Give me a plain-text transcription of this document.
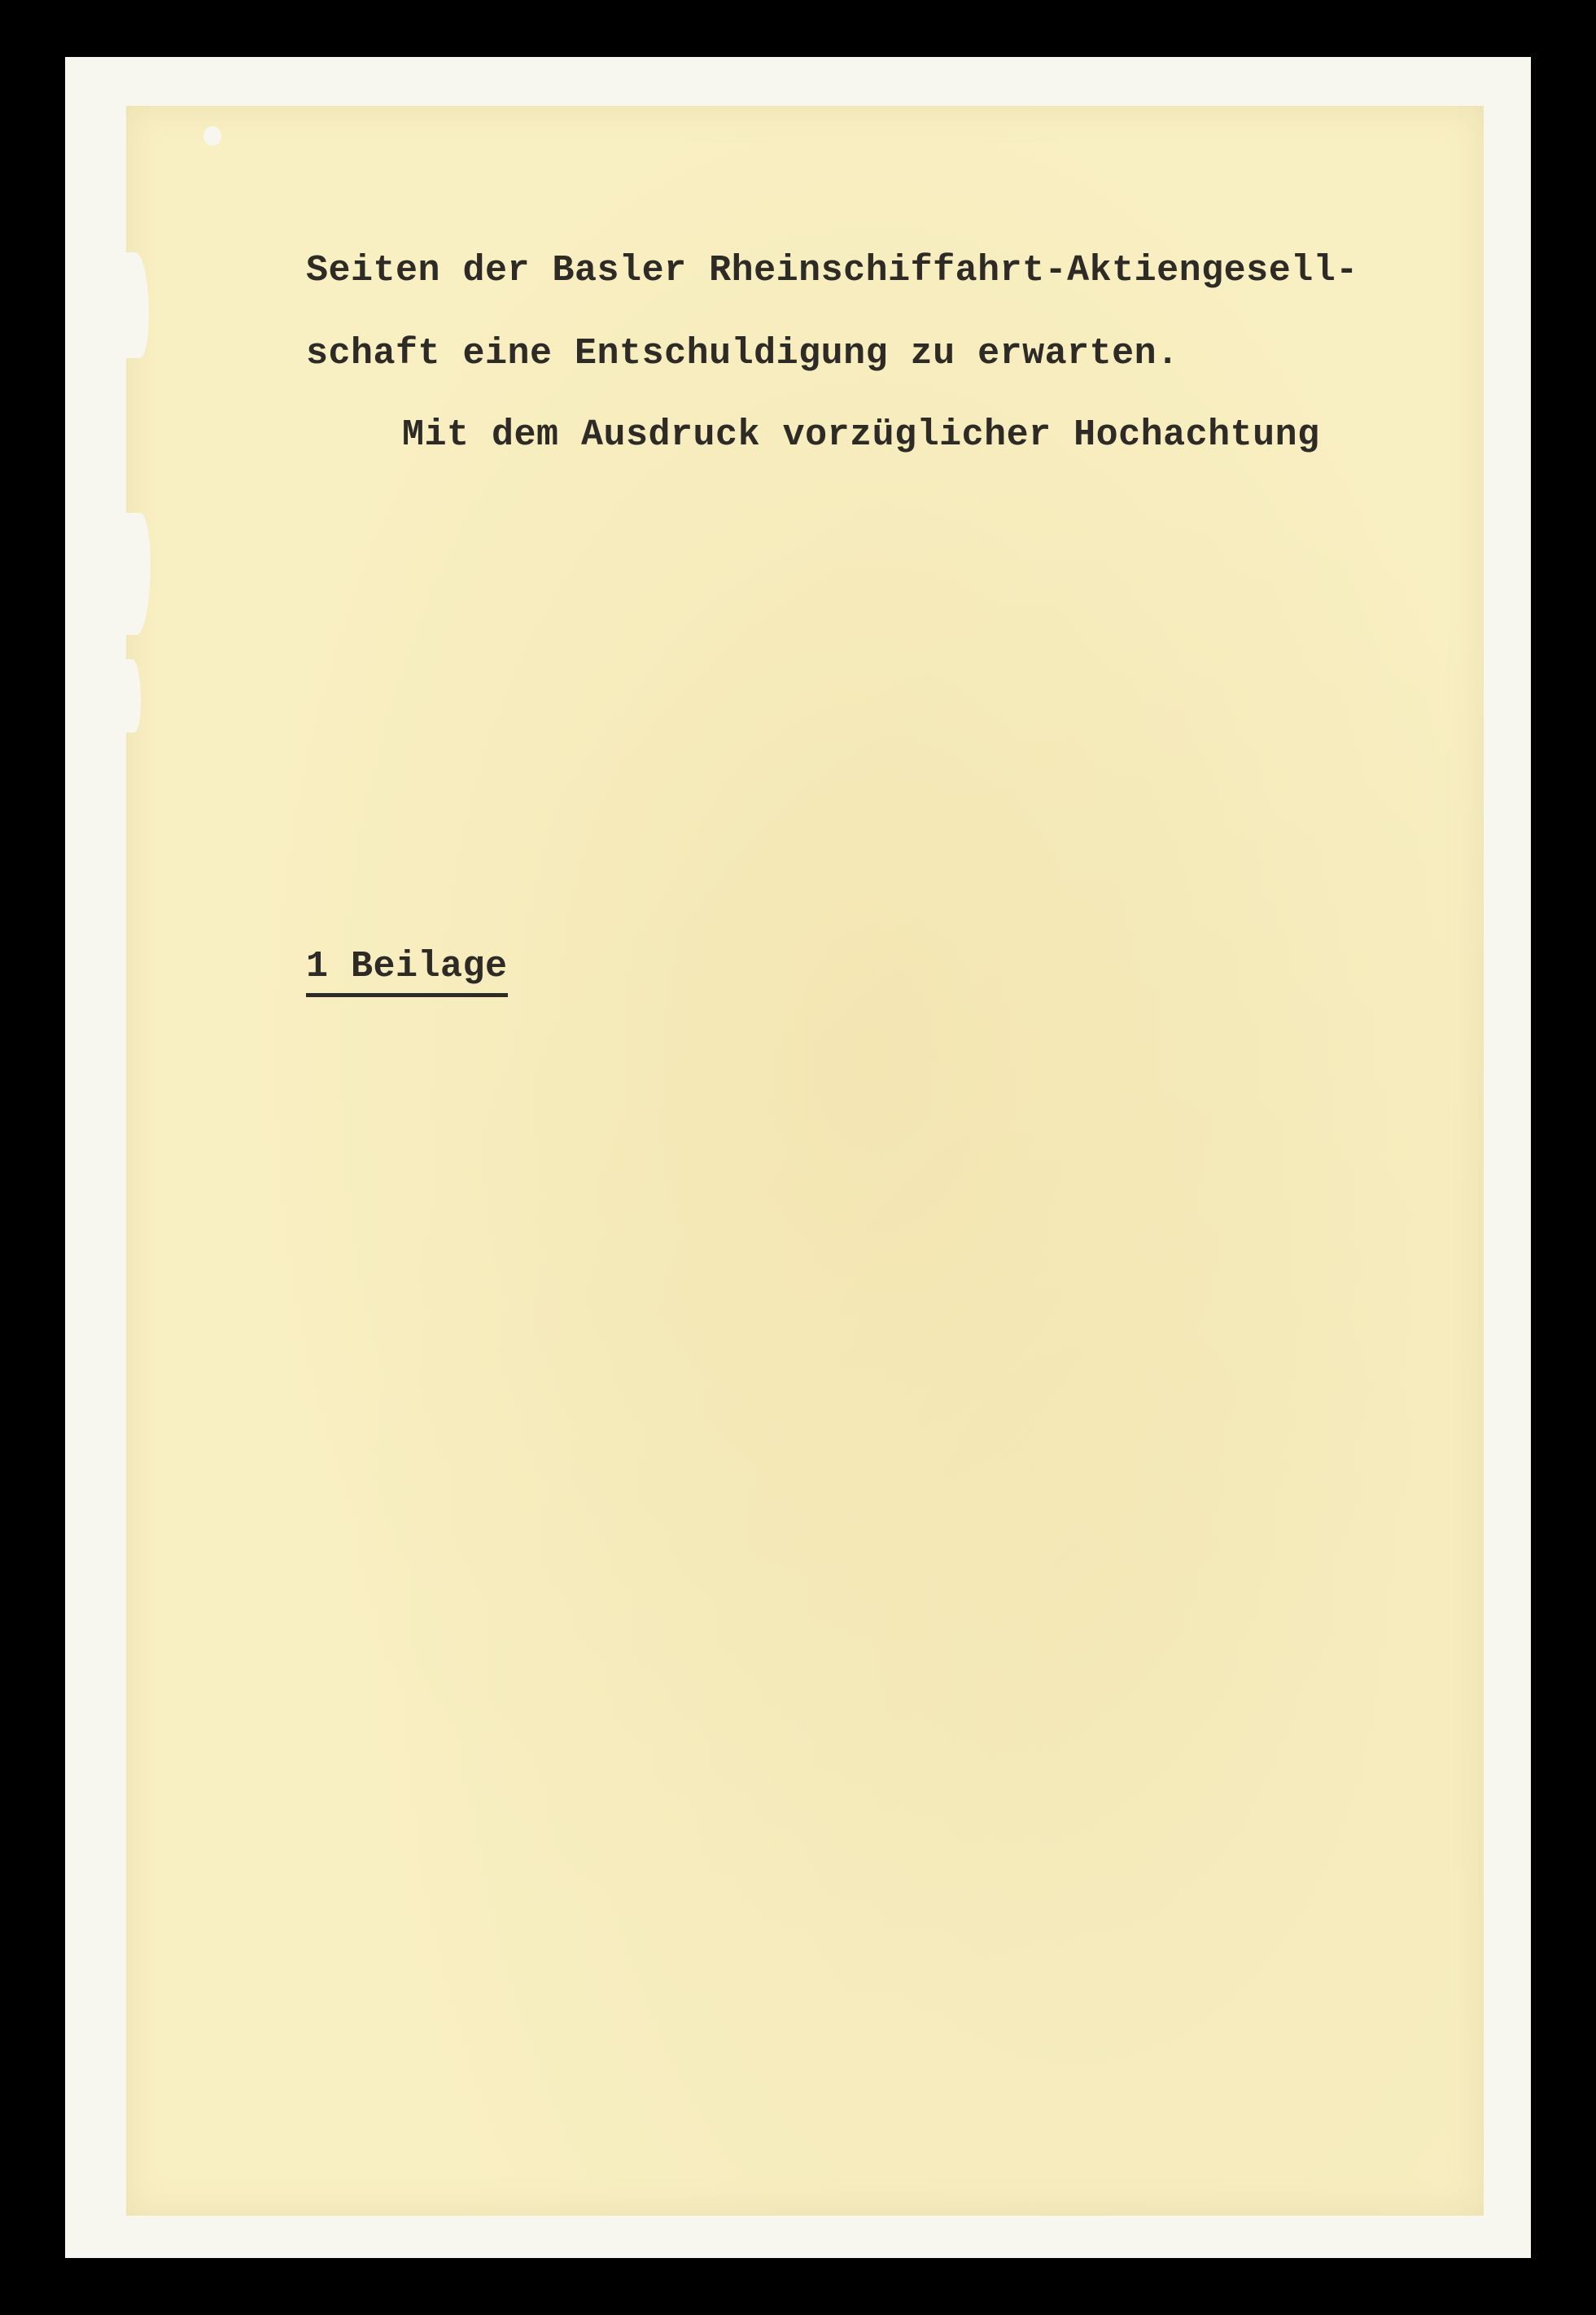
Seiten der Basler Rheinschiffahrt-Aktiengesell-
schaft eine Entschuldigung zu erwarten.
Mit dem Ausdruck vorzüglicher Hochachtung
1 Beilage
